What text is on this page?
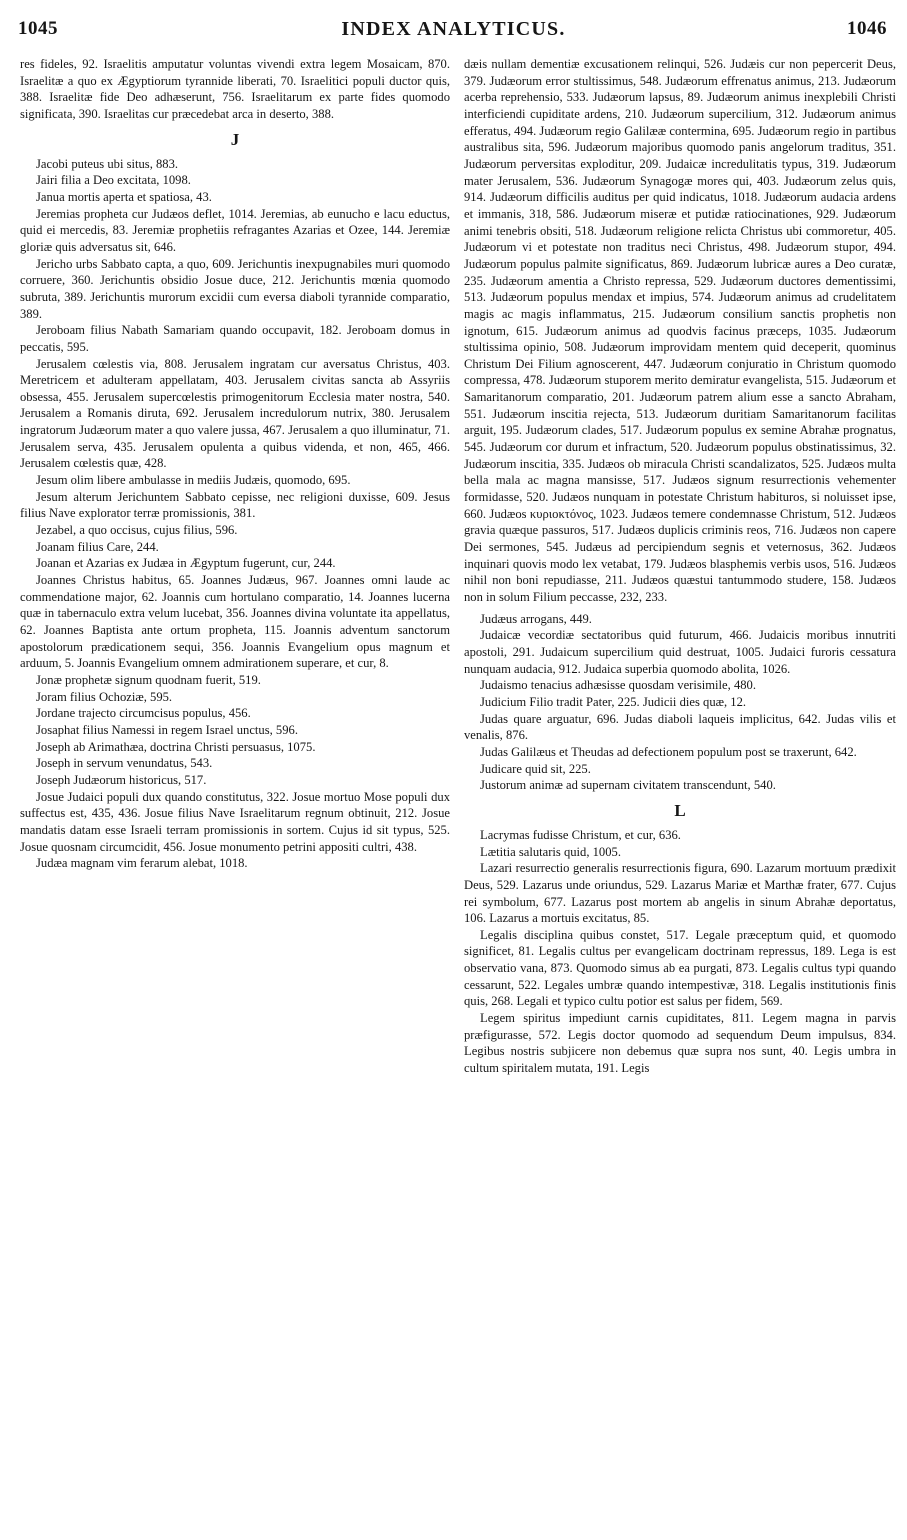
1045	INDEX ANALYTICUS.	1046

res fideles, 92. Israelitis amputatur voluntas vivendi extra legem Mosaicam, 870. Israelitæ a quo ex Ægyptiorum tyrannide liberati, 70. Israelitici populi ductor quis, 388. Israelitæ fide Deo adhæserunt, 756. Israelitarum ex parte fides quomodo significata, 390. Israelitas cur præcedebat arca in deserto, 388.

J

Jacobi puteus ubi situs, 883.

Jairi filia a Deo excitata, 1098.

Janua mortis aperta et spatiosa, 43.

Jeremias propheta cur Judæos deflet, 1014. Jeremias, ab eunucho e lacu eductus, quid ei mercedis, 83. Jeremiæ prophetiis refragantes Azarias et Ozee, 144. Jeremiæ gloriæ quis adversatus sit, 646.

Jericho urbs Sabbato capta, a quo, 609. Jerichuntis inexpugnabiles muri quomodo corruere, 360. Jerichuntis obsidio Josue duce, 212. Jerichuntis mœnia quomodo subruta, 389. Jerichuntis murorum excidii cum eversa diaboli tyrannide comparatio, 389.

Jeroboam filius Nabath Samariam quando occupavit, 182. Jeroboam domus in peccatis, 595.

Jerusalem cœlestis via, 808. Jerusalem ingratam cur aversatus Christus, 403. Meretricem et adulteram appellatam, 403. Jerusalem civitas sancta ab Assyriis obsessa, 455. Jerusalem supercœlestis primogenitorum Ecclesia mater nostra, 540. Jerusalem a Romanis diruta, 692. Jerusalem incredulorum nutrix, 380. Jerusalem ingratorum Judæorum mater a quo valere jussa, 467. Jerusalem a quo illuminatur, 71. Jerusalem serva, 435. Jerusalem opulenta a quibus videnda, et non, 465, 466. Jerusalem cœlestis quæ, 428.

Jesum olim libere ambulasse in mediis Judæis, quomodo, 695.

Jesum alterum Jerichuntem Sabbato cepisse, nec religioni duxisse, 609. Jesus filius Nave explorator terræ promissionis, 381.

Jezabel, a quo occisus, cujus filius, 596.

Joanam filius Care, 244.

Joanan et Azarias ex Judæa in Ægyptum fugerunt, cur, 244.

Joannes Christus habitus, 65. Joannes Judæus, 967. Joannes omni laude ac commendatione major, 62. Joannis cum hortulano comparatio, 14. Joannes lucerna quæ in tabernaculo extra velum lucebat, 356. Joannes divina voluntate ita appellatus, 62. Joannes Baptista ante ortum propheta, 115. Joannis adventum sanctorum apostolorum prædicationem sequi, 356. Joannis Evangelium opus magnum et arduum, 5. Joannis Evangelium omnem admirationem superare, et cur, 8.

Jonæ prophetæ signum quodnam fuerit, 519.

Joram filius Ochoziæ, 595.

Jordane trajecto circumcisus populus, 456.

Josaphat filius Namessi in regem Israel unctus, 596.

Joseph ab Arimathæa, doctrina Christi persuasus, 1075.

Joseph in servum venundatus, 543.

Joseph Judæorum historicus, 517.

Josue Judaici populi dux quando constitutus, 322. Josue mortuo Mose populi dux suffectus est, 435, 436. Josue filius Nave Israelitarum regnum obtinuit, 212. Josue mandatis datam esse Israeli terram promissionis in sortem. Cujus id sit typus, 525. Josue quosnam circumcidit, 456. Josue monumento petrini appositi cultri, 438.

Judæa magnam vim ferarum alebat, 1018.

dæis nullam dementiæ excusationem relinqui, 526. Judæis cur non pepercerit Deus, 379. Judæorum error stultissimus, 548. Judæorum effrenatus animus, 213. Judæorum acerba reprehensio, 533. Judæorum lapsus, 89. Judæorum animus inexplebili Christi interficiendi cupiditate ardens, 210. Judæorum supercilium, 312. Judæorum animus efferatus, 494. Judæorum regio Galilææ contermina, 695. Judæorum regio in partibus australibus sita, 596. Judæorum majoribus quomodo panis angelorum traditus, 351. Judæorum perversitas exploditur, 209. Judaicæ incredulitatis typus, 319. Judæorum mater Jerusalem, 536. Judæorum Synagogæ mores qui, 403. Judæorum zelus quis, 914. Judæorum difficilis auditus per quid indicatus, 1018. Judæorum audacia ardens et immanis, 318, 586. Judæorum miseræ et putidæ ratiocinationes, 929. Judæorum animi tenebris obsiti, 518. Judæorum religione relicta Christus ubi commoretur, 405. Judæorum vi et potestate non traditus neci Christus, 498. Judæorum stupor, 494. Judæorum populus palmite significatus, 869. Judæorum lubricæ aures a Deo curatæ, 235. Judæorum amentia a Christo repressa, 529. Judæorum ductores dementissimi, 513. Judæorum populus mendax et impius, 574. Judæorum animus ad crudelitatem magis ac magis inflammatus, 215. Judæorum consilium sanctis prophetis non ignotum, 615. Judæorum animus ad quodvis facinus præceps, 1035. Judæorum stultissima opinio, 508. Judæorum improvidam mentem quid deceperit, quominus Christum Dei Filium agnoscerent, 447. Judæorum conjuratio in Christum quomodo compressa, 478. Judæorum stuporem merito demiratur evangelista, 515. Judæorum et Samaritanorum comparatio, 201. Judæorum patrem alium esse a sancto Abraham, 551. Judæorum inscitia rejecta, 513. Judæorum duritiam Samaritanorum facilitas arguit, 195. Judæorum clades, 517. Judæorum populus ex semine Abrahæ prognatus, 545. Judæorum cor durum et infractum, 520. Judæorum populus obstinatissimus, 32. Judæorum inscitia, 335. Judæos ob miracula Christi scandalizatos, 525. Judæos multa bella mala ac magna mansisse, 517. Judæos signum resurrectionis vehementer formidasse, 520. Judæos nunquam in potestate Christum habituros, si noluisset ipse, 660. Judæos κυριοκτόνος, 1023. Judæos temere condemnasse Christum, 512. Judæos gravia quæque passuros, 517. Judæos duplicis criminis reos, 716. Judæos non capere Dei sermones, 545. Judæus ad percipiendum segnis et veternosus, 362. Judæos inquinari quovis modo lex vetabat, 179. Judæos blasphemis verbis usos, 516. Judæos nihil non boni repudiasse, 211. Judæos quæstui tantummodo studere, 158. Judæos non in solum Filium peccasse, 232, 233.

Judæus arrogans, 449.

Judaicæ vecordiæ sectatoribus quid futurum, 466. Judaicis moribus innutriti apostoli, 291. Judaicum supercilium quid destruat, 1005. Judaici furoris cessatura nunquam audacia, 912. Judaica superbia quomodo abolita, 1026.

Judaismo tenacius adhæsisse quosdam verisimile, 480.

Judicium Filio tradit Pater, 225. Judicii dies quæ, 12.

Judas quare arguatur, 696. Judas diaboli laqueis implicitus, 642. Judas vilis et venalis, 876.

Judas Galilæus et Theudas ad defectionem populum post se traxerunt, 642.

Judicare quid sit, 225.

Justorum animæ ad supernam civitatem transcendunt, 540.

L

Lacrymas fudisse Christum, et cur, 636.

Lætitia salutaris quid, 1005.

Lazari resurrectio generalis resurrectionis figura, 690. Lazarum mortuum prædixit Deus, 529. Lazarus unde oriundus, 529. Lazarus Mariæ et Marthæ frater, 677. Cujus rei symbolum, 677. Lazarus post mortem ab angelis in sinum Abrahæ deportatus, 106. Lazarus a mortuis excitatus, 85.

Legalis disciplina quibus constet, 517. Legale præceptum quid, et quomodo significet, 81. Legalis cultus per evangelicam doctrinam repressus, 189. Lega is est observatio vana, 873. Quomodo simus ab ea purgati, 873. Legalis cultus typi quando cessarunt, 522. Legales umbræ quando intempestivæ, 318. Legalis institutionis finis quis, 268. Legali et typico cultu potior est salus per fidem, 569.

Legem spiritus impediunt carnis cupiditates, 811. Legem magna in parvis præfigurasse, 572. Legis doctor quomodo ad sequendum Deum impulsus, 834. Legibus nostris subjicere non debemus quæ supra nos sunt, 40. Legis umbra in cultum spiritalem mutata, 191. Legis
